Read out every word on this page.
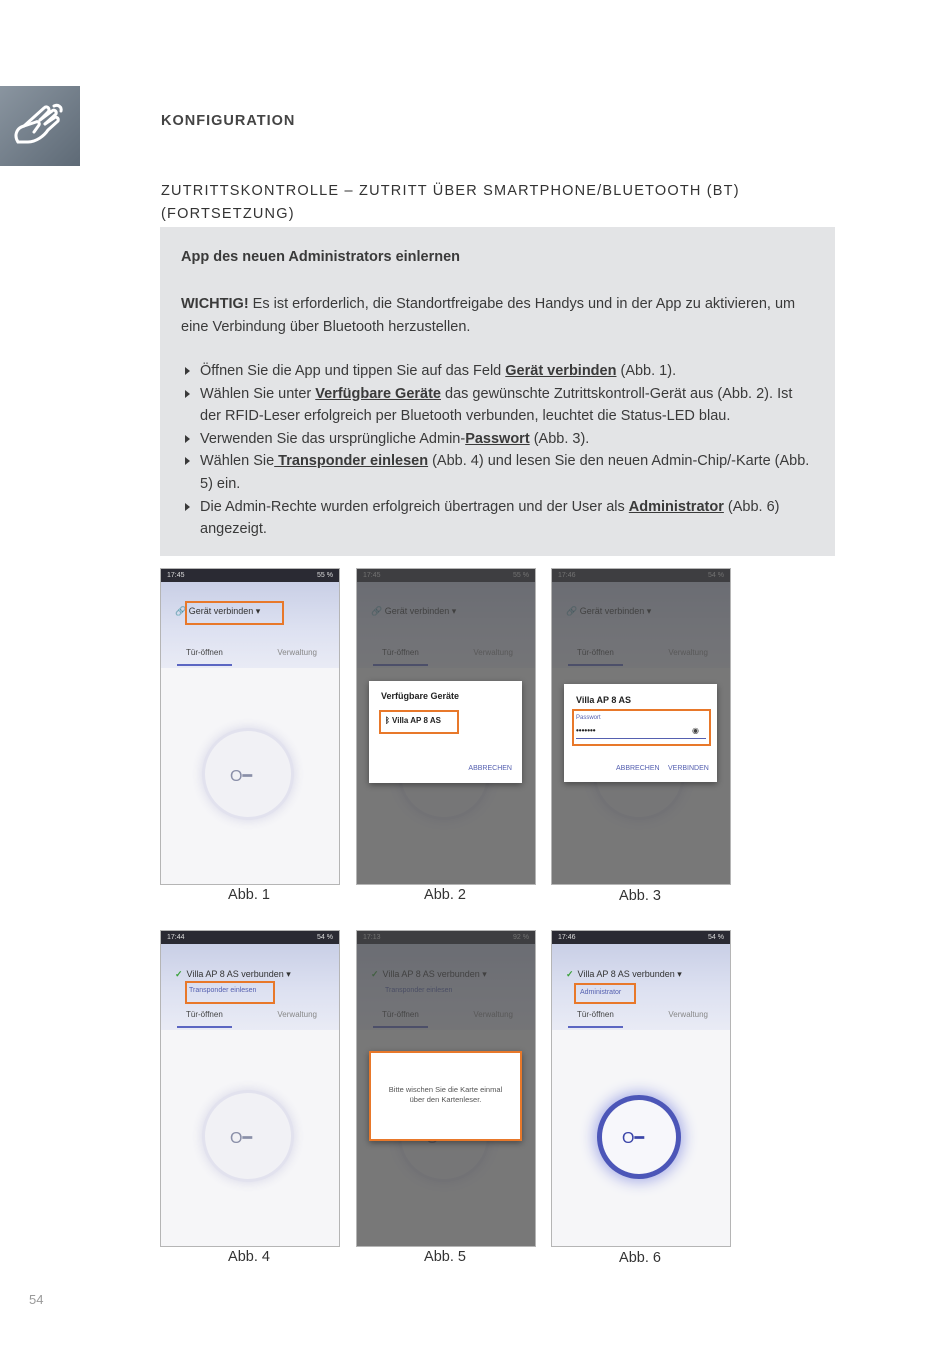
KONFIGURATION
ZUTRITTSKONTROLLE – ZUTRITT ÜBER SMARTPHONE/BLUETOOTH (BT)
(FORTSETZUNG)
App des neuen Administrators einlernen
WICHTIG! Es ist erforderlich, die Standortfreigabe des Handys und in der App zu aktivieren, um eine Verbindung über Bluetooth herzustellen.
Öffnen Sie die App und tippen Sie auf das Feld Gerät verbinden (Abb. 1).
Wählen Sie unter Verfügbare Geräte das gewünschte Zutrittskontroll-Gerät aus (Abb. 2). Ist der RFID-Leser erfolgreich per Bluetooth verbunden, leuchtet die Status-LED blau.
Verwenden Sie das ursprüngliche Admin-Passwort (Abb. 3).
Wählen Sie Transponder einlesen (Abb. 4) und lesen Sie den neuen Admin-Chip/-Karte (Abb. 5) ein.
Die Admin-Rechte wurden erfolgreich übertragen und der User als Administrator (Abb. 6) angezeigt.
17:45	55 %
🔗 Gerät verbinden ▾
Tür-öffnen	Verwaltung
O━
Abb. 1
Verfügbare Geräte
ᛒ Villa AP 8 AS
ABBRECHEN
Abb. 2
Villa AP 8 AS
Passwort
•••••••	◉
ABBRECHEN VERBINDEN
Abb. 3
17:44	54 %
✓ Villa AP 8 AS verbunden ▾
Transponder einlesen
Tür-öffnen	Verwaltung
O━
Abb. 4
Bitte wischen Sie die Karte einmal über den Kartenleser.
Abb. 5
17:46	54 %
✓ Villa AP 8 AS verbunden ▾
Administrator
Tür-öffnen	Verwaltung
O━
Abb. 6
54
